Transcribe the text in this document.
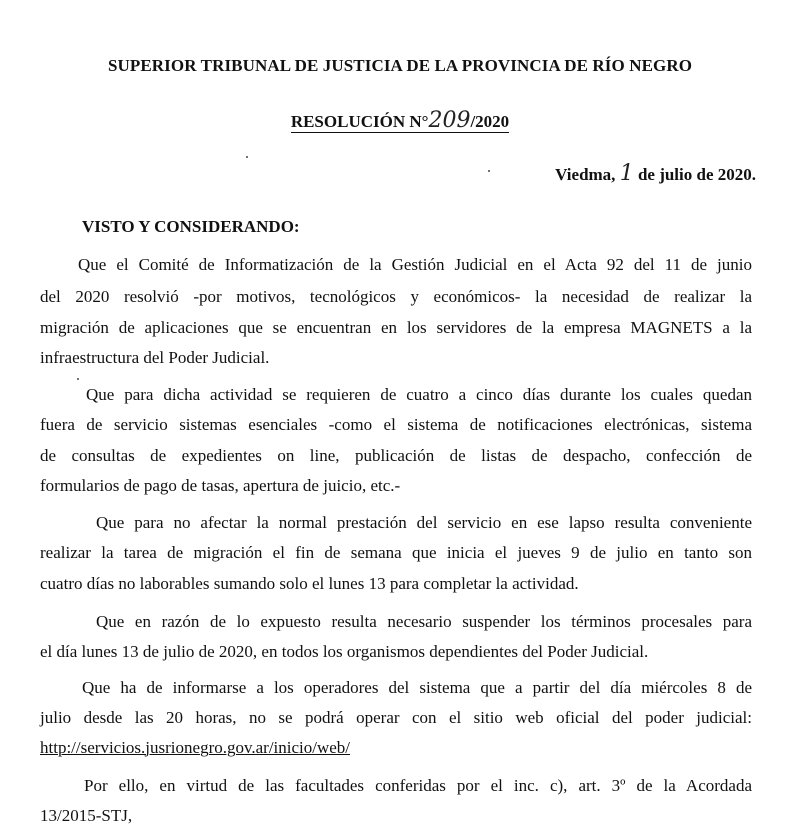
SUPERIOR TRIBUNAL DE JUSTICIA DE LA PROVINCIA DE RÍO NEGRO
RESOLUCIÓN N°209/2020
Viedma, 1 de julio de 2020.
VISTO Y CONSIDERANDO:
Que el Comité de Informatización de la Gestión Judicial en el Acta 92 del 11 de junio
del 2020 resolvió -por motivos, tecnológicos y económicos- la necesidad de realizar la
migración de aplicaciones que se encuentran en los servidores de la empresa MAGNETS a la
infraestructura del Poder Judicial.
Que para dicha actividad se requieren de cuatro a cinco días durante los cuales quedan
fuera de servicio sistemas esenciales -como el sistema de notificaciones electrónicas, sistema
de consultas de expedientes on line, publicación de listas de despacho, confección de
formularios de pago de tasas, apertura de juicio, etc.-
Que para no afectar la normal prestación del servicio en ese lapso resulta conveniente
realizar la tarea de migración el fin de semana que inicia el jueves 9 de julio en tanto son
cuatro días no laborables sumando solo el lunes 13 para completar la actividad.
Que en razón de lo expuesto resulta necesario suspender los términos procesales para
el día lunes 13 de julio de 2020, en todos los organismos dependientes del Poder Judicial.
Que ha de informarse a los operadores del sistema que a partir del día miércoles 8 de
julio desde las 20 horas, no se podrá operar con el sitio web oficial del poder judicial:
http://servicios.jusrionegro.gov.ar/inicio/web/
Por ello, en virtud de las facultades conferidas por el inc. c), art. 3º de la Acordada
13/2015-STJ,
